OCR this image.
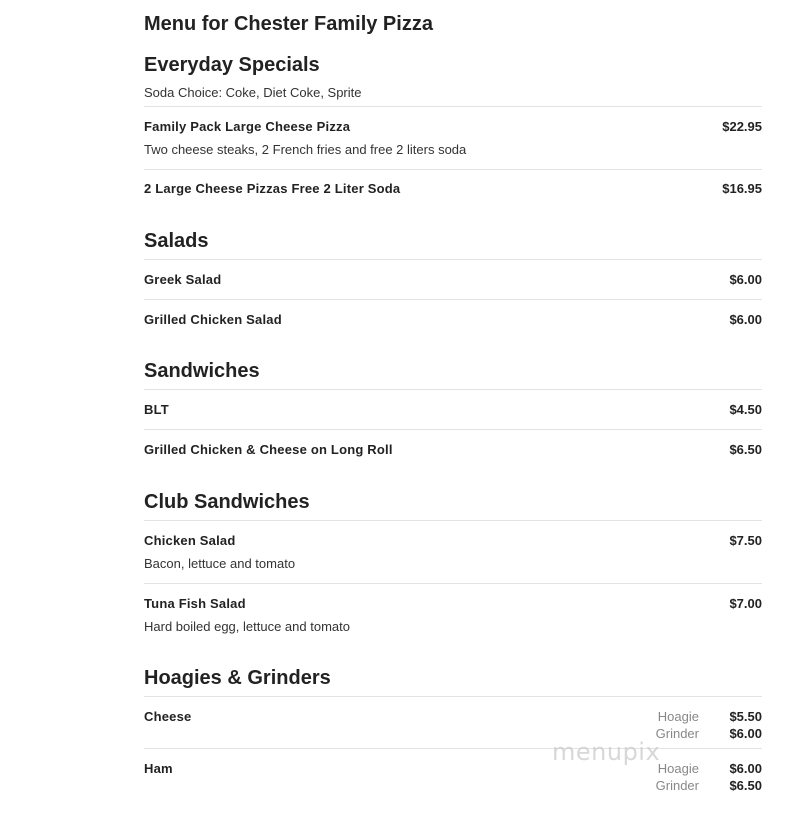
Menu for Chester Family Pizza
Everyday Specials
Soda Choice: Coke, Diet Coke, Sprite
Family Pack Large Cheese Pizza	$22.95
Two cheese steaks, 2 French fries and free 2 liters soda
2 Large Cheese Pizzas Free 2 Liter Soda	$16.95
Salads
Greek Salad	$6.00
Grilled Chicken Salad	$6.00
Sandwiches
BLT	$4.50
Grilled Chicken & Cheese on Long Roll	$6.50
Club Sandwiches
Chicken Salad	$7.50
Bacon, lettuce and tomato
Tuna Fish Salad	$7.00
Hard boiled egg, lettuce and tomato
Hoagies & Grinders
Cheese	Hoagie $5.50
Grinder $6.00
Ham	Hoagie $6.00
Grinder $6.50
menupix
